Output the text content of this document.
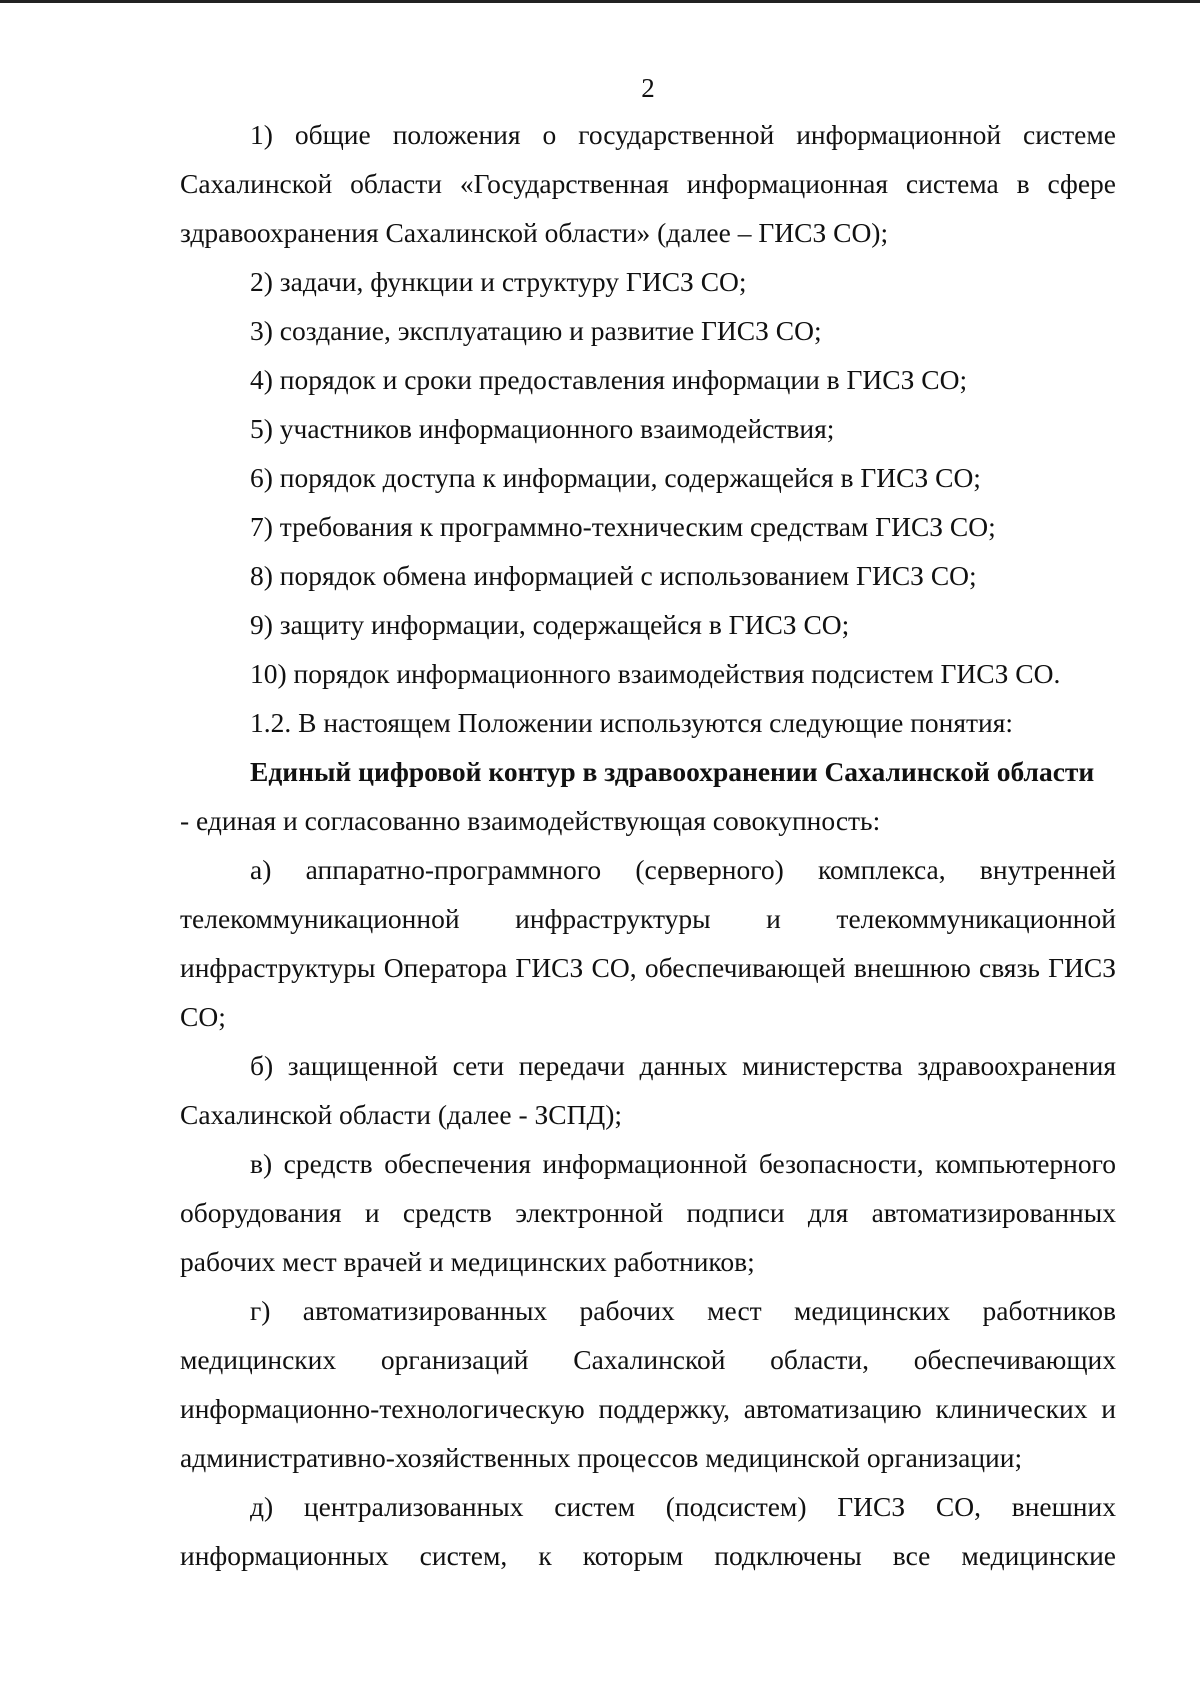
2

1) общие положения о государственной информационной системе Сахалинской области «Государственная информационная система в сфере здравоохранения Сахалинской области» (далее – ГИСЗ СО);

2) задачи, функции и структуру ГИСЗ СО;

3) создание, эксплуатацию и развитие ГИСЗ СО;

4) порядок и сроки предоставления информации в ГИСЗ СО;

5) участников информационного взаимодействия;

6) порядок доступа к информации, содержащейся в ГИСЗ СО;

7) требования к программно-техническим средствам ГИСЗ СО;

8) порядок обмена информацией с использованием ГИСЗ СО;

9) защиту информации, содержащейся в ГИСЗ СО;

10) порядок информационного взаимодействия подсистем ГИСЗ СО.

1.2. В настоящем Положении используются следующие понятия:

Единый цифровой контур в здравоохранении Сахалинской области
- единая и согласованно взаимодействующая совокупность:

а) аппаратно-программного (серверного) комплекса, внутренней телекоммуникационной инфраструктуры и телекоммуникационной инфраструктуры Оператора ГИСЗ СО, обеспечивающей внешнюю связь ГИСЗ СО;

б) защищенной сети передачи данных министерства здравоохранения Сахалинской области (далее - ЗСПД);

в) средств обеспечения информационной безопасности, компьютерного оборудования и средств электронной подписи для автоматизированных рабочих мест врачей и медицинских работников;

г) автоматизированных рабочих мест медицинских работников медицинских организаций Сахалинской области, обеспечивающих информационно-технологическую поддержку, автоматизацию клинических и административно-хозяйственных процессов медицинской организации;

д) централизованных систем (подсистем) ГИСЗ СО, внешних информационных систем, к которым подключены все медицинские
